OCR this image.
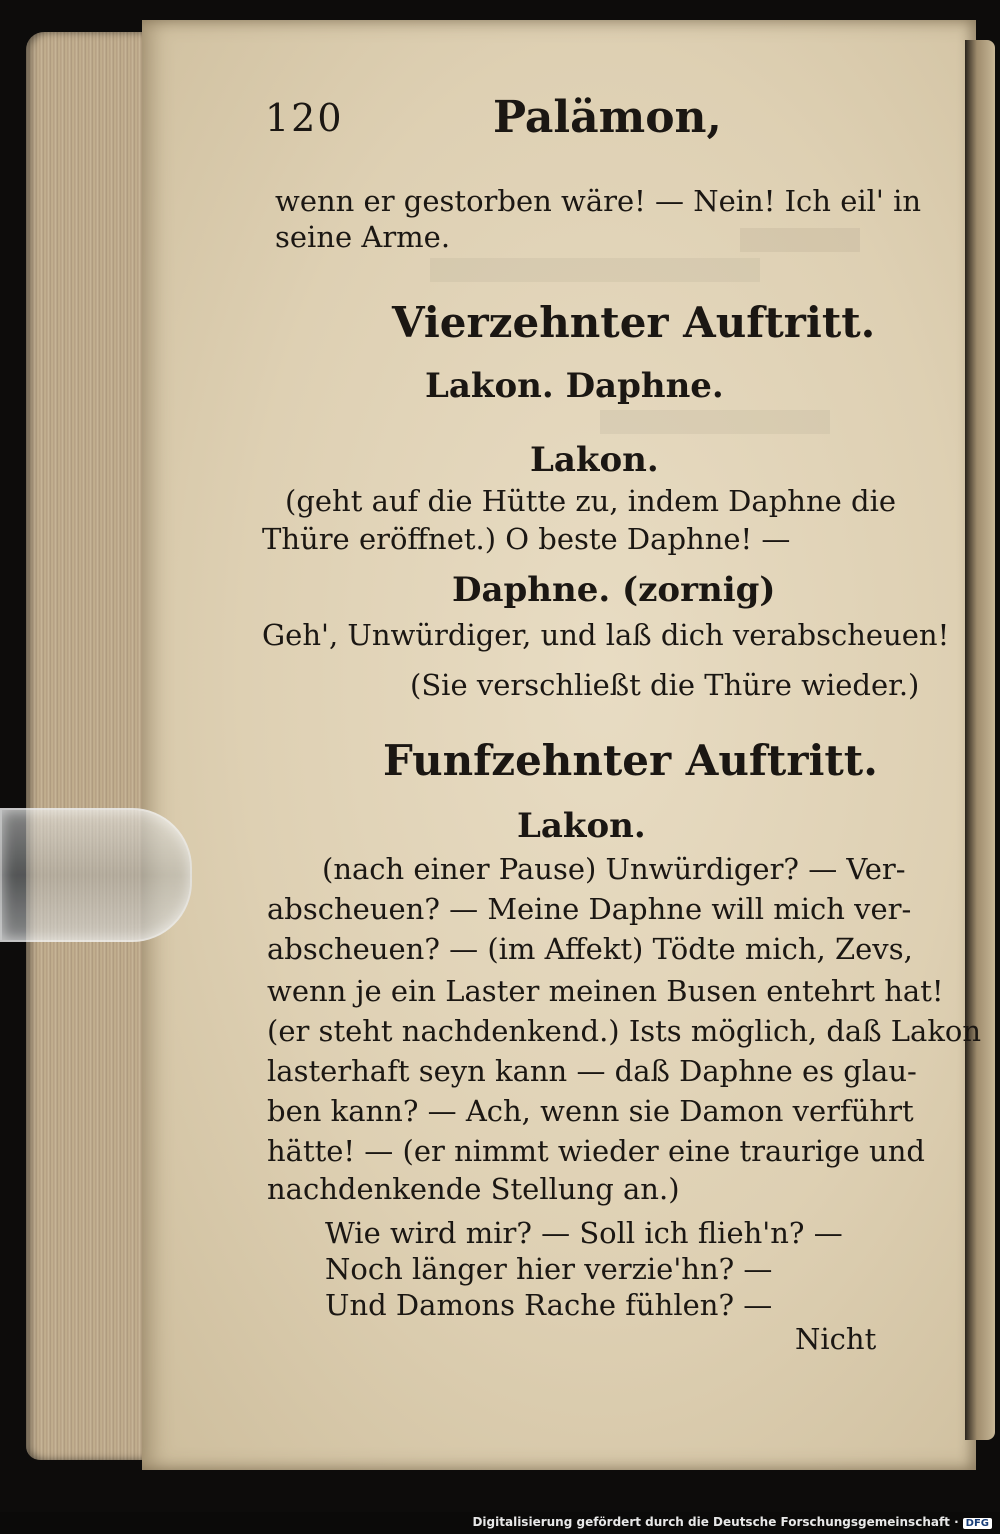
120	Palämon,
wenn er gestorben wäre! — Nein! Ich eil' in
seine Arme.
Vierzehnter Auftritt.
Lakon. Daphne.
Lakon.
(geht auf die Hütte zu, indem Daphne die
Thüre eröffnet.) O beste Daphne! —
Daphne. (zornig)
Geh', Unwürdiger, und laß dich verabscheuen!
(Sie verschließt die Thüre wieder.)
Funfzehnter Auftritt.
Lakon.
(nach einer Pause) Unwürdiger? — Ver-
abscheuen? — Meine Daphne will mich ver-
abscheuen? — (im Affekt) Tödte mich, Zevs,
wenn je ein Laster meinen Busen entehrt hat!
(er steht nachdenkend.) Ists möglich, daß Lakon
lasterhaft seyn kann — daß Daphne es glau-
ben kann? — Ach, wenn sie Damon verführt
hätte! — (er nimmt wieder eine traurige und
nachdenkende Stellung an.)
Wie wird mir? — Soll ich flieh'n? —
Noch länger hier verzie'hn? —
Und Damons Rache fühlen? —
Nicht
Digitalisierung gefördert durch die Deutsche Forschungsgemeinschaft · DFG
